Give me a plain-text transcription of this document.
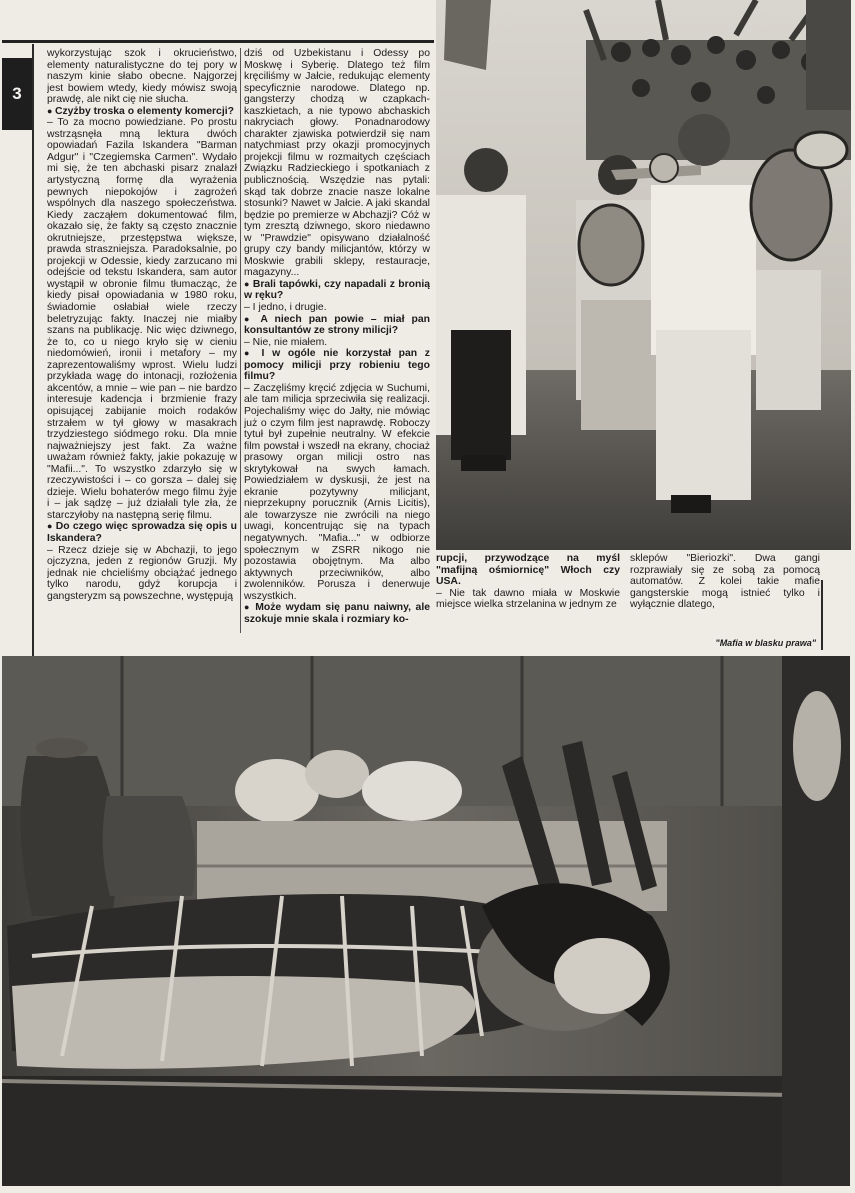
3

wykorzystując szok i okrucieństwo, elementy naturalistyczne do tej pory w naszym kinie słabo obecne. Najgorzej jest bowiem wtedy, kiedy mówisz swoją prawdę, ale nikt cię nie słucha.

● Czyżby troska o elementy komercji?

– To za mocno powiedziane. Po prostu wstrząsnęła mną lektura dwóch opowiadań Fazila Iskandera "Barman Adgur" i "Czegiemska Carmen". Wydało mi się, że ten abchaski pisarz znalazł artystyczną formę dla wyrażenia pewnych niepokojów i zagrożeń wspólnych dla naszego społeczeństwa. Kiedy zacząłem dokumentować film, okazało się, że fakty są często znacznie okrutniejsze, przestępstwa większe, prawda straszniejsza. Paradoksalnie, po projekcji w Odessie, kiedy zarzucano mi odejście od tekstu Iskandera, sam autor wystąpił w obronie filmu tłumacząc, że kiedy pisał opowiadania w 1980 roku, świadomie osłabiał wiele rzeczy beletryzując fakty. Inaczej nie miałby szans na publikację. Nic więc dziwnego, że to, co u niego kryło się w cieniu niedomówień, ironii i metafory – my zaprezentowaliśmy wprost. Wielu ludzi przykłada wagę do intonacji, rozłożenia akcentów, a mnie – wie pan – nie bardzo interesuje kadencja i brzmienie frazy opisującej zabijanie moich rodaków strzałem w tył głowy w masakrach trzydziestego siódmego roku. Dla mnie najważniejszy jest fakt. Za ważne uważam również fakty, jakie pokazuję w "Mafii...". To wszystko zdarzyło się w rzeczywistości i – co gorsza – dalej się dzieje. Wielu bohaterów mego filmu żyje i – jak sądzę – już działali tyle zła, że starczyłoby na następną serię filmu.

● Do czego więc sprowadza się opis u Iskandera?

– Rzecz dzieje się w Abchazji, to jego ojczyzna, jeden z regionów Gruzji. My jednak nie chcieliśmy obciążać jednego tylko narodu, gdyż korupcja i gangsteryzm są powszechne, występują

dziś od Uzbekistanu i Odessy po Moskwę i Syberię. Dlatego też film kręciliśmy w Jałcie, redukując elementy specyficznie narodowe. Dlatego np. gangsterzy chodzą w czapkach-kaszkietach, a nie typowo abchaskich nakryciach głowy. Ponadnarodowy charakter zjawiska potwierdził się nam natychmiast przy okazji promocyjnych projekcji filmu w rozmaitych częściach Związku Radzieckiego i spotkaniach z publicznością. Wszędzie nas pytali: skąd tak dobrze znacie nasze lokalne stosunki? Nawet w Jałcie. A jaki skandal będzie po premierze w Abchazji? Cóż w tym zresztą dziwnego, skoro niedawno w "Prawdzie" opisywano działalność grupy czy bandy milicjantów, którzy w Moskwie grabili sklepy, restauracje, magazyny...

● Brali tapówki, czy napadali z bronią w ręku?

– I jedno, i drugie.

● A niech pan powie – miał pan konsultantów ze strony milicji?

– Nie, nie miałem.

● I w ogóle nie korzystał pan z pomocy milicji przy robieniu tego filmu?

– Zaczęliśmy kręcić zdjęcia w Suchumi, ale tam milicja sprzeciwiła się realizacji. Pojechaliśmy więc do Jałty, nie mówiąc już o czym film jest naprawdę. Roboczy tytuł był zupełnie neutralny. W efekcie film powstał i wszedł na ekrany, chociaż prasowy organ milicji ostro nas skrytykował na swych łamach. Powiedziałem w dyskusji, że jest na ekranie pozytywny milicjant, nieprzekupny porucznik (Arnis Licitis), ale towarzysze nie zwrócili na niego uwagi, koncentrując się na typach negatywnych. "Mafia..." w odbiorze społecznym w ZSRR nikogo nie pozostawia obojętnym. Ma albo aktywnych przeciwników, albo zwolenników. Porusza i denerwuje wszystkich.

● Może wydam się panu naiwny, ale szokuje mnie skala i rozmiary ko-

rupcji, przywodzące na myśl "mafijną ośmiornicę" Włoch czy USA.

– Nie tak dawno miała w Moskwie miejsce wielka strzelanina w jednym ze

sklepów "Bieriozki". Dwa gangi rozprawiały się ze sobą za pomocą automatów. Z kolei takie mafie gangsterskie mogą istnieć tylko i wyłącznie dlatego,

"Mafia w blasku prawa"
